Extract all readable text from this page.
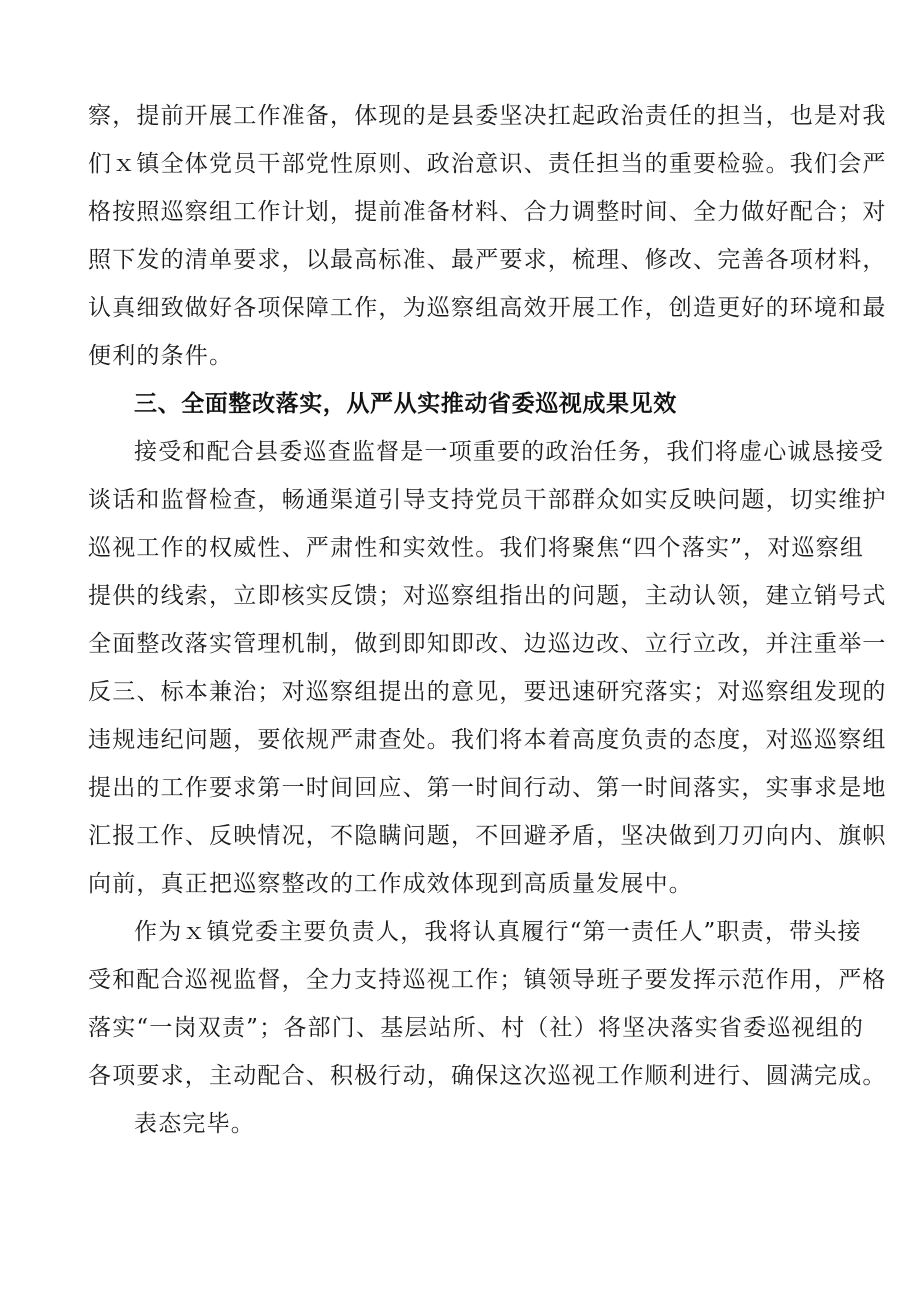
察，提前开展工作准备，体现的是县委坚决扛起政治责任的担当，也是对我
们ｘ镇全体党员干部党性原则、政治意识、责任担当的重要检验。我们会严
格按照巡察组工作计划，提前准备材料、合力调整时间、全力做好配合；对
照下发的清单要求，以最高标准、最严要求，梳理、修改、完善各项材料，
认真细致做好各项保障工作，为巡察组高效开展工作，创造更好的环境和最
便利的条件。
三、全面整改落实，从严从实推动省委巡视成果见效
接受和配合县委巡查监督是一项重要的政治任务，我们将虚心诚恳接受
谈话和监督检查，畅通渠道引导支持党员干部群众如实反映问题，切实维护
巡视工作的权威性、严肃性和实效性。我们将聚焦“四个落实”，对巡察组
提供的线索，立即核实反馈；对巡察组指出的问题，主动认领，建立销号式
全面整改落实管理机制，做到即知即改、边巡边改、立行立改，并注重举一
反三、标本兼治；对巡察组提出的意见，要迅速研究落实；对巡察组发现的
违规违纪问题，要依规严肃查处。我们将本着高度负责的态度，对巡巡察组
提出的工作要求第一时间回应、第一时间行动、第一时间落实，实事求是地
汇报工作、反映情况，不隐瞒问题，不回避矛盾，坚决做到刀刃向内、旗帜
向前，真正把巡察整改的工作成效体现到高质量发展中。
作为ｘ镇党委主要负责人，我将认真履行“第一责任人”职责，带头接
受和配合巡视监督，全力支持巡视工作；镇领导班子要发挥示范作用，严格
落实“一岗双责”；各部门、基层站所、村（社）将坚决落实省委巡视组的
各项要求，主动配合、积极行动，确保这次巡视工作顺利进行、圆满完成。
表态完毕。
